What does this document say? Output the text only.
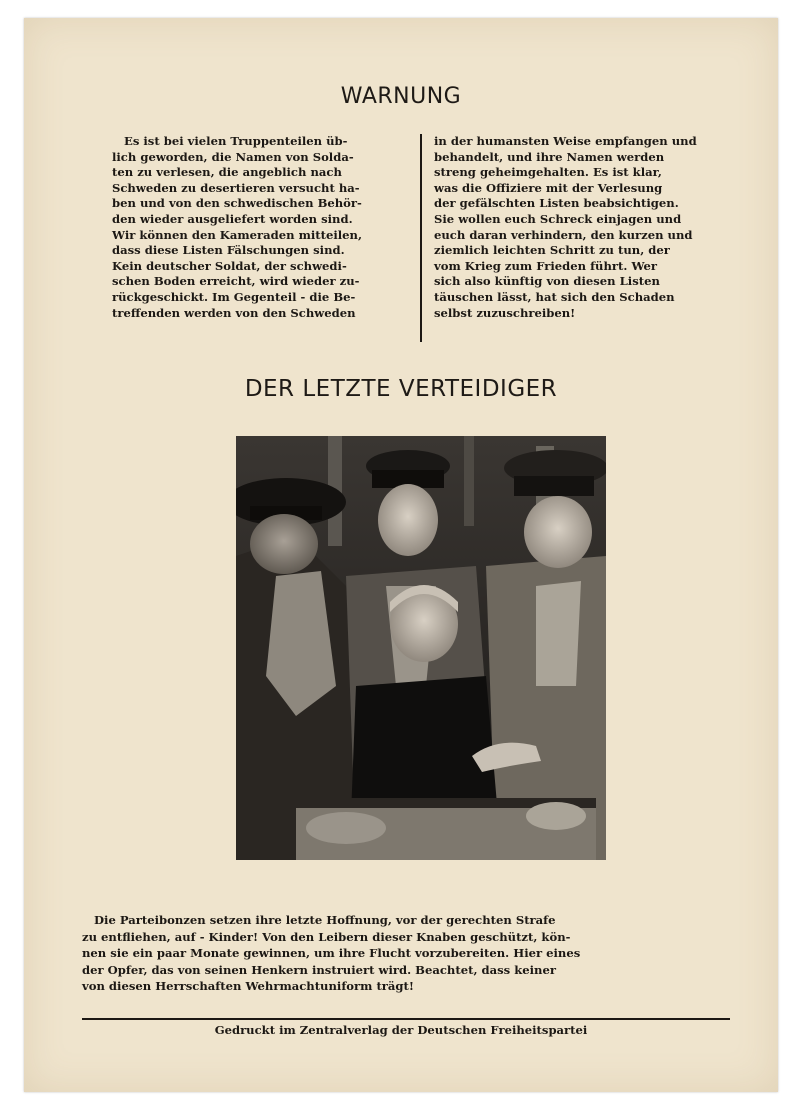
WARNUNG
Es ist bei vielen Truppenteilen üb-
lich geworden, die Namen von Solda-
ten zu verlesen, die angeblich nach
Schweden zu desertieren versucht ha-
ben und von den schwedischen Behör-
den wieder ausgeliefert worden sind.
Wir können den Kameraden mitteilen,
dass diese Listen Fälschungen sind.
Kein deutscher Soldat, der schwedi-
schen Boden erreicht, wird wieder zu-
rückgeschickt. Im Gegenteil - die Be-
treffenden werden von den Schweden
in der humansten Weise empfangen und
behandelt, und ihre Namen werden
streng geheimgehalten. Es ist klar,
was die Offiziere mit der Verlesung
der gefälschten Listen beabsichtigen.
Sie wollen euch Schreck einjagen und
euch daran verhindern, den kurzen und
ziemlich leichten Schritt zu tun, der
vom Krieg zum Frieden führt. Wer
sich also künftig von diesen Listen
täuschen lässt, hat sich den Schaden
selbst zuzuschreiben!
DER LETZTE VERTEIDIGER
Die Parteibonzen setzen ihre letzte Hoffnung, vor der gerechten Strafe
zu entfliehen, auf - Kinder! Von den Leibern dieser Knaben geschützt, kön-
nen sie ein paar Monate gewinnen, um ihre Flucht vorzubereiten. Hier eines
der Opfer, das von seinen Henkern instruiert wird. Beachtet, dass keiner
von diesen Herrschaften Wehrmachtuniform trägt!
Gedruckt im Zentralverlag der Deutschen Freiheitspartei
